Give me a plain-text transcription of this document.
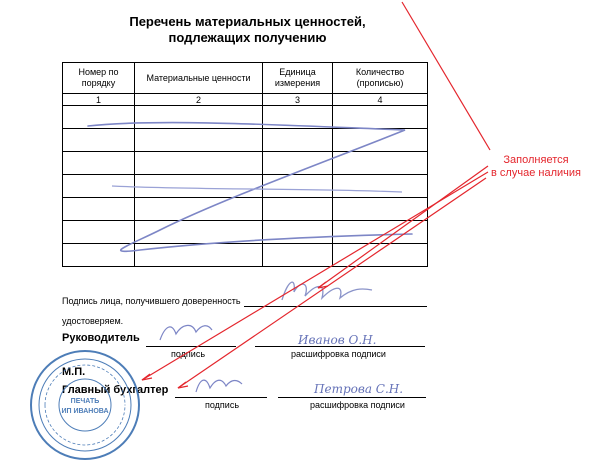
Перечень материальных ценностей,
подлежащих получению
Номер по порядку	Материальные ценности	Единица измерения	Количество (прописью)
1	2	3	4

Подпись лица, получившего доверенность
удостоверяем.
Руководитель	Иванов О.Н.
подпись	расшифровка подписи
М.П.
Главный бухгалтер	Петрова С.Н.
подпись	расшифровка подписи
Заполняется
в случае наличия
ПЕЧАТЬ
ИП ИВАНОВА
